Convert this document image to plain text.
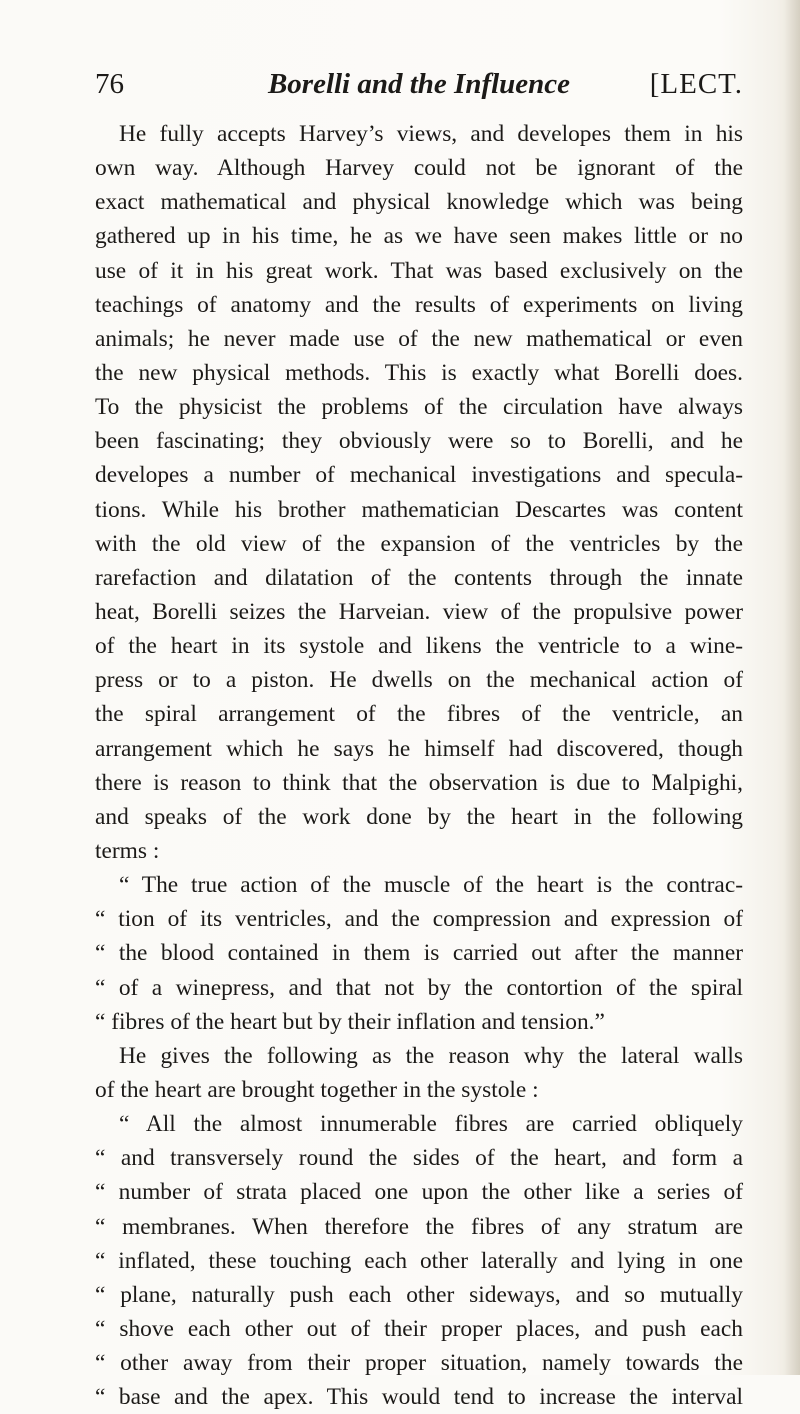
76	Borelli and the Influence	[LECT.
He fully accepts Harvey’s views, and developes them in his
own way. Although Harvey could not be ignorant of the
exact mathematical and physical knowledge which was being
gathered up in his time, he as we have seen makes little or no
use of it in his great work. That was based exclusively on the
teachings of anatomy and the results of experiments on living
animals; he never made use of the new mathematical or even
the new physical methods. This is exactly what Borelli does.
To the physicist the problems of the circulation have always
been fascinating; they obviously were so to Borelli, and he
developes a number of mechanical investigations and specula-
tions. While his brother mathematician Descartes was content
with the old view of the expansion of the ventricles by the
rarefaction and dilatation of the contents through the innate
heat, Borelli seizes the Harveian. view of the propulsive power
of the heart in its systole and likens the ventricle to a wine-
press or to a piston. He dwells on the mechanical action of
the spiral arrangement of the fibres of the ventricle, an
arrangement which he says he himself had discovered, though
there is reason to think that the observation is due to Malpighi,
and speaks of the work done by the heart in the following
terms :
“ The true action of the muscle of the heart is the contrac-
“ tion of its ventricles, and the compression and expression of
“ the blood contained in them is carried out after the manner
“ of a winepress, and that not by the contortion of the spiral
“ fibres of the heart but by their inflation and tension.”
He gives the following as the reason why the lateral walls
of the heart are brought together in the systole :
“ All the almost innumerable fibres are carried obliquely
“ and transversely round the sides of the heart, and form a
“ number of strata placed one upon the other like a series of
“ membranes. When therefore the fibres of any stratum are
“ inflated, these touching each other laterally and lying in one
“ plane, naturally push each other sideways, and so mutually
“ shove each other out of their proper places, and push each
“ other away from their proper situation, namely towards the
“ base and the apex. This would tend to increase the interval
